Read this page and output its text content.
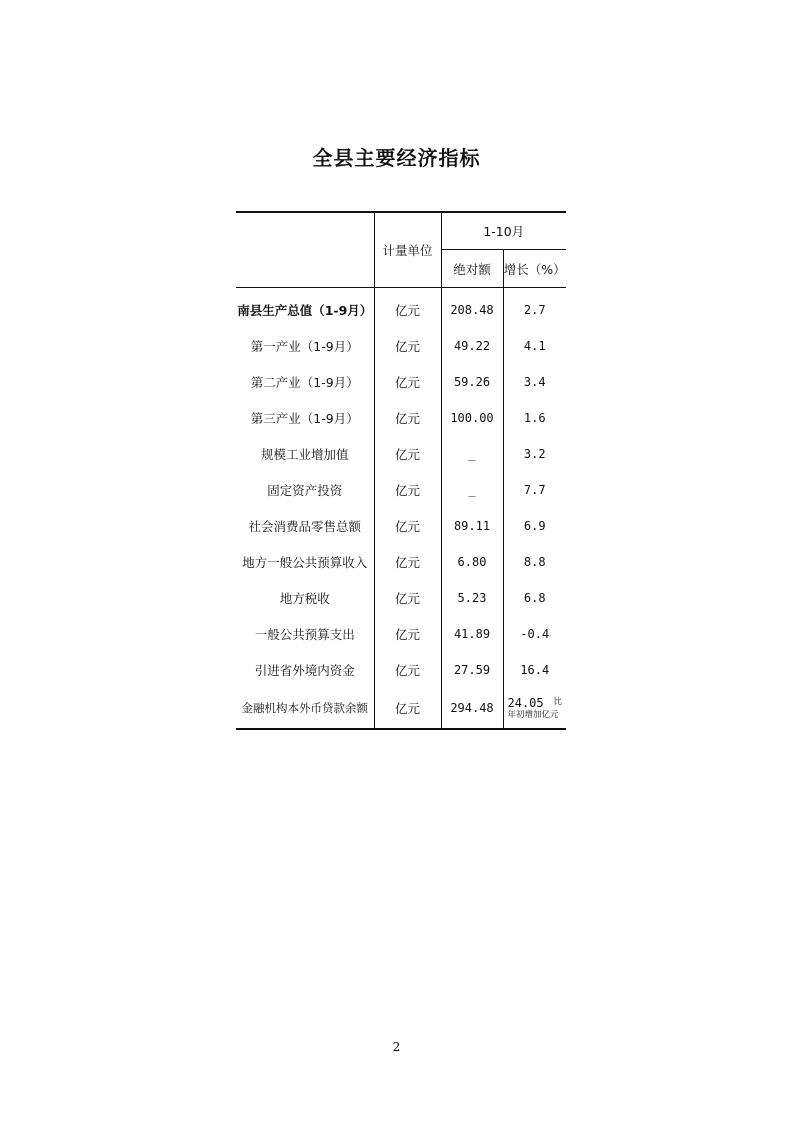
全县主要经济指标
	计量单位	1-10月	
		绝对额	增长（%）
南县生产总值（1-9月）	亿元	208.48	2.7
第一产业（1-9月）	亿元	49.22	4.1
第二产业（1-9月）	亿元	59.26	3.4
第三产业（1-9月）	亿元	100.00	1.6
规模工业增加值	亿元	_	3.2
固定资产投资	亿元	_	7.7
社会消费品零售总额	亿元	89.11	6.9
地方一般公共预算收入	亿元	6.80	8.8
地方税收	亿元	5.23	6.8
一般公共预算支出	亿元	41.89	-0.4
引进省外境内资金	亿元	27.59	16.4
金融机构本外币贷款余额	亿元	294.48	24.05 比
年初增加亿元
2
